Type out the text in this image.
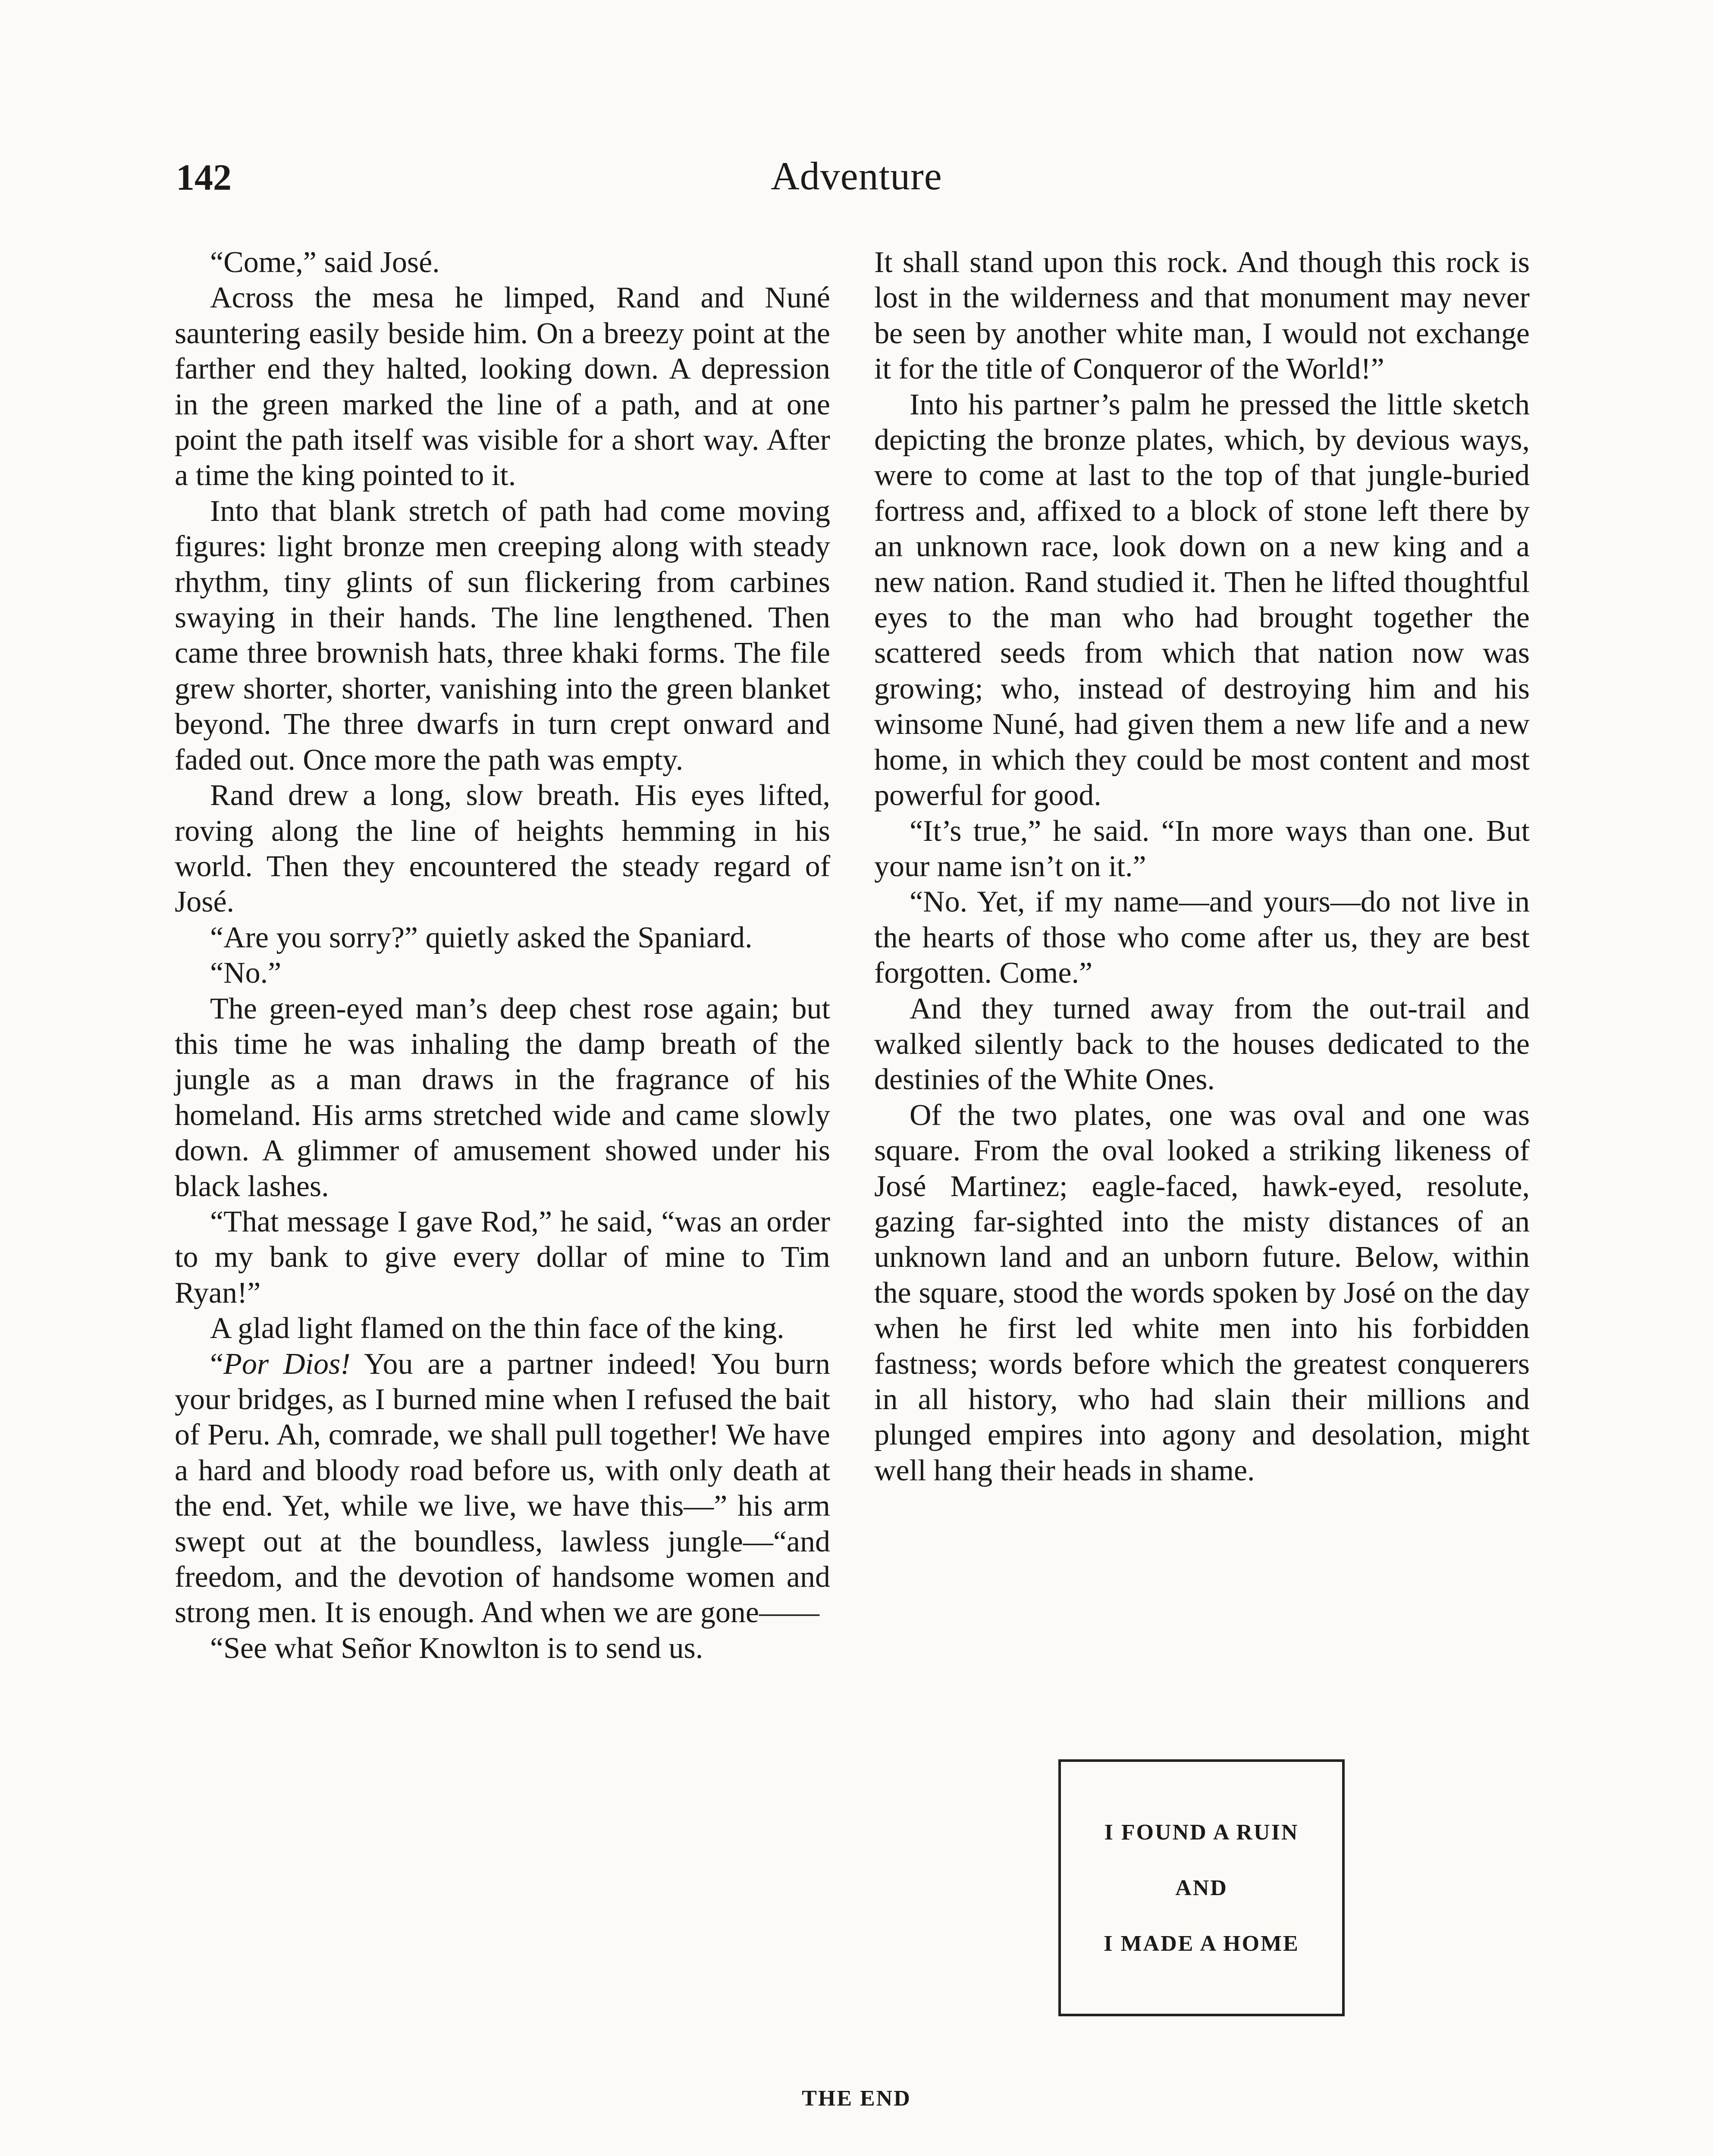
142	Adventure

“Come,” said José.

Across the mesa he limped, Rand and Nuné sauntering easily beside him. On a breezy point at the farther end they halted, looking down. A depression in the green marked the line of a path, and at one point the path itself was visible for a short way. After a time the king pointed to it.

Into that blank stretch of path had come moving figures: light bronze men creeping along with steady rhythm, tiny glints of sun flickering from carbines swaying in their hands. The line lengthened. Then came three brownish hats, three khaki forms. The file grew shorter, shorter, vanishing into the green blanket beyond. The three dwarfs in turn crept onward and faded out. Once more the path was empty.

Rand drew a long, slow breath. His eyes lifted, roving along the line of heights hemming in his world. Then they encountered the steady regard of José.

“Are you sorry?” quietly asked the Spaniard.

“No.”

The green-eyed man’s deep chest rose again; but this time he was inhaling the damp breath of the jungle as a man draws in the fragrance of his homeland. His arms stretched wide and came slowly down. A glimmer of amusement showed under his black lashes.

“That message I gave Rod,” he said, “was an order to my bank to give every dollar of mine to Tim Ryan!”

A glad light flamed on the thin face of the king.

“Por Dios! You are a partner indeed! You burn your bridges, as I burned mine when I refused the bait of Peru. Ah, comrade, we shall pull together! We have a hard and bloody road before us, with only death at the end. Yet, while we live, we have this—” his arm swept out at the boundless, lawless jungle—“and freedom, and the devotion of handsome women and strong men. It is enough. And when we are gone——

“See what Señor Knowlton is to send us.

It shall stand upon this rock. And though this rock is lost in the wilderness and that monument may never be seen by another white man, I would not exchange it for the title of Conqueror of the World!”

Into his partner’s palm he pressed the little sketch depicting the bronze plates, which, by devious ways, were to come at last to the top of that jungle-buried fortress and, affixed to a block of stone left there by an unknown race, look down on a new king and a new nation. Rand studied it. Then he lifted thoughtful eyes to the man who had brought together the scattered seeds from which that nation now was growing; who, instead of destroying him and his winsome Nuné, had given them a new life and a new home, in which they could be most content and most powerful for good.

“It’s true,” he said. “In more ways than one. But your name isn’t on it.”

“No. Yet, if my name—and yours—do not live in the hearts of those who come after us, they are best forgotten. Come.”

And they turned away from the out-trail and walked silently back to the houses dedicated to the destinies of the White Ones.

Of the two plates, one was oval and one was square. From the oval looked a striking likeness of José Martinez; eagle-faced, hawk-eyed, resolute, gazing far-sighted into the misty distances of an unknown land and an unborn future. Below, within the square, stood the words spoken by José on the day when he first led white men into his forbidden fastness; words before which the greatest conquerers in all history, who had slain their millions and plunged empires into agony and desolation, might well hang their heads in shame.

I FOUND A RUIN
AND
I MADE A HOME
THE END
